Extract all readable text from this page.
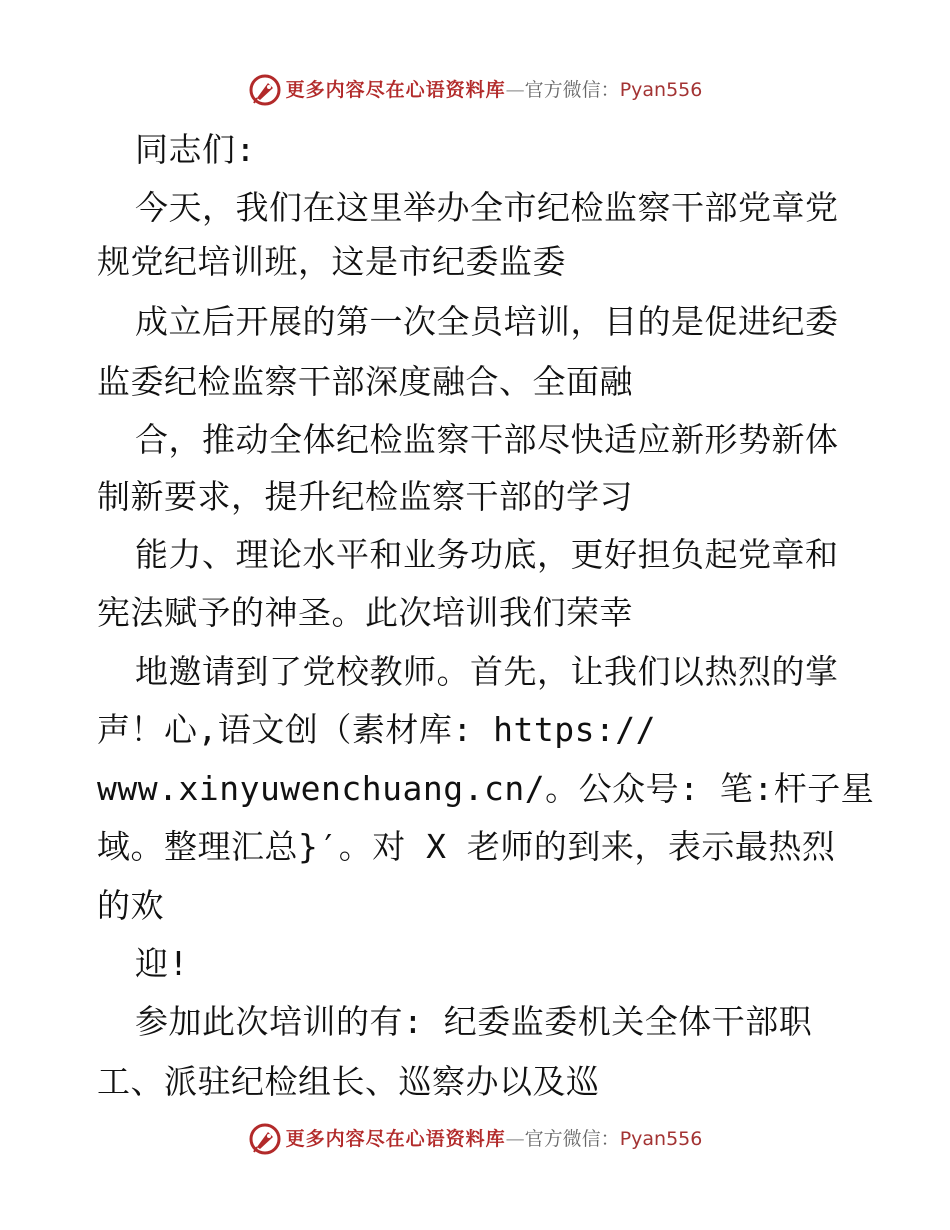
更多内容尽在心语资料库 — 官方微信： Pyan556
同志们:
今天，我们在这里举办全市纪检监察干部党章党
规党纪培训班，这是市纪委监委
成立后开展的第一次全员培训，目的是促进纪委
监委纪检监察干部深度融合、全面融
合，推动全体纪检监察干部尽快适应新形势新体
制新要求，提升纪检监察干部的学习
能力、理论水平和业务功底，更好担负起党章和
宪法赋予的神圣。此次培训我们荣幸
地邀请到了党校教师。首先，让我们以热烈的掌
声！心,语文创（素材库: https://
www.xinyuwenchuang.cn/。公众号: 笔:杆子星
域。整理汇总}′。对 X 老师的到来，表示最热烈
的欢
迎!
参加此次培训的有: 纪委监委机关全体干部职
工、派驻纪检组长、巡察办以及巡
更多内容尽在心语资料库 — 官方微信： Pyan556
